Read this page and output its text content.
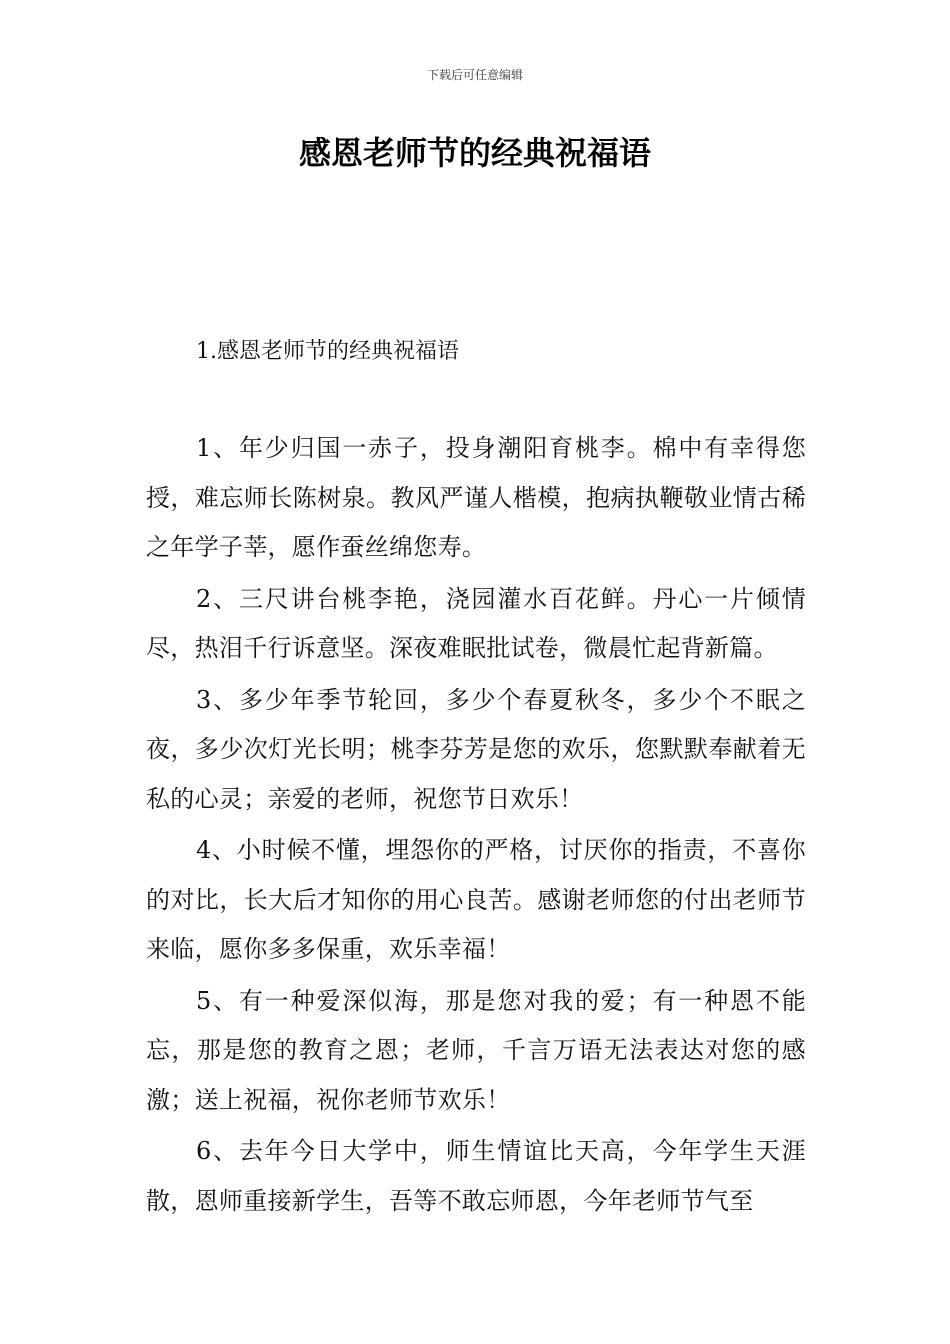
下载后可任意编辑
感恩老师节的经典祝福语
1.感恩老师节的经典祝福语

1、年少归国一赤子，投身潮阳育桃李。棉中有幸得您授，难忘师长陈树泉。教风严谨人楷模，抱病执鞭敬业情古稀之年学子莘，愿作蚕丝绵您寿。

2、三尺讲台桃李艳，浇园灌水百花鲜。丹心一片倾情尽，热泪千行诉意坚。深夜难眠批试卷，微晨忙起背新篇。

3、多少年季节轮回，多少个春夏秋冬，多少个不眠之夜，多少次灯光长明；桃李芬芳是您的欢乐，您默默奉献着无私的心灵；亲爱的老师，祝您节日欢乐！

4、小时候不懂，埋怨你的严格，讨厌你的指责，不喜你的对比，长大后才知你的用心良苦。感谢老师您的付出老师节来临，愿你多多保重，欢乐幸福！

5、有一种爱深似海，那是您对我的爱；有一种恩不能忘，那是您的教育之恩；老师，千言万语无法表达对您的感激；送上祝福，祝你老师节欢乐！

6、去年今日大学中，师生情谊比天高，今年学生天涯散，恩师重接新学生，吾等不敢忘师恩，今年老师节气至
